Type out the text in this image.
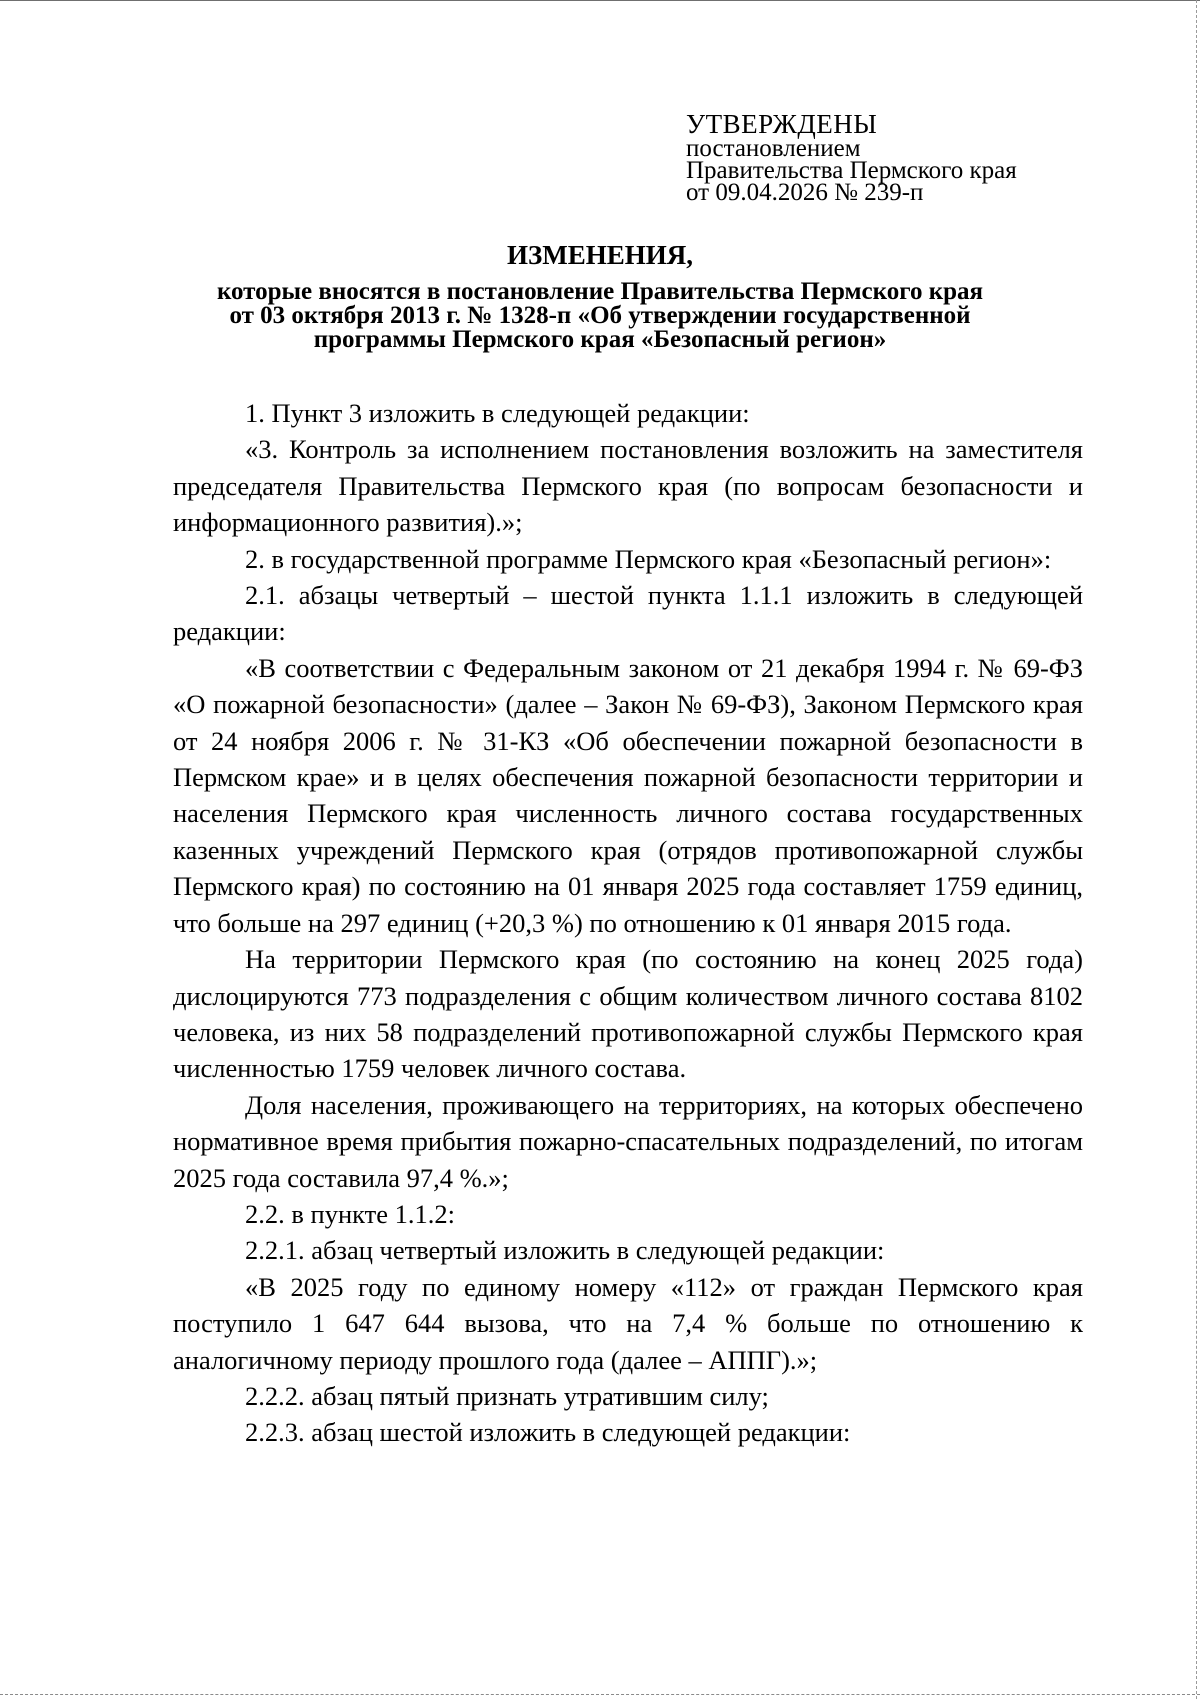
УТВЕРЖДЕНЫ
постановлением
Правительства Пермского края
от 09.04.2026 № 239-п
ИЗМЕНЕНИЯ,
которые вносятся в постановление Правительства Пермского края
от 03 октября 2013 г. № 1328-п «Об утверждении государственной
программы Пермского края «Безопасный регион»

1. Пункт 3 изложить в следующей редакции:

«3. Контроль за исполнением постановления возложить на заместителя председателя Правительства Пермского края (по вопросам безопасности и информационного развития).»;

2. в государственной программе Пермского края «Безопасный регион»:

2.1. абзацы четвертый – шестой пункта 1.1.1 изложить в следующей редакции:

«В соответствии с Федеральным законом от 21 декабря 1994 г. № 69-ФЗ «О пожарной безопасности» (далее – Закон № 69-ФЗ), Законом Пермского края от 24 ноября 2006 г. № 31-КЗ «Об обеспечении пожарной безопасности в Пермском крае» и в целях обеспечения пожарной безопасности территории и населения Пермского края численность личного состава государственных казенных учреждений Пермского края (отрядов противопожарной службы Пермского края) по состоянию на 01 января 2025 года составляет 1759 единиц, что больше на 297 единиц (+20,3 %) по отношению к 01 января 2015 года.

На территории Пермского края (по состоянию на конец 2025 года) дислоцируются 773 подразделения с общим количеством личного состава 8102 человека, из них 58 подразделений противопожарной службы Пермского края численностью 1759 человек личного состава.

Доля населения, проживающего на территориях, на которых обеспечено нормативное время прибытия пожарно-спасательных подразделений, по итогам 2025 года составила 97,4 %.»;

2.2. в пункте 1.1.2:

2.2.1. абзац четвертый изложить в следующей редакции:

«В 2025 году по единому номеру «112» от граждан Пермского края поступило 1 647 644 вызова, что на 7,4 % больше по отношению к аналогичному периоду прошлого года (далее – АППГ).»;

2.2.2. абзац пятый признать утратившим силу;

2.2.3. абзац шестой изложить в следующей редакции:
